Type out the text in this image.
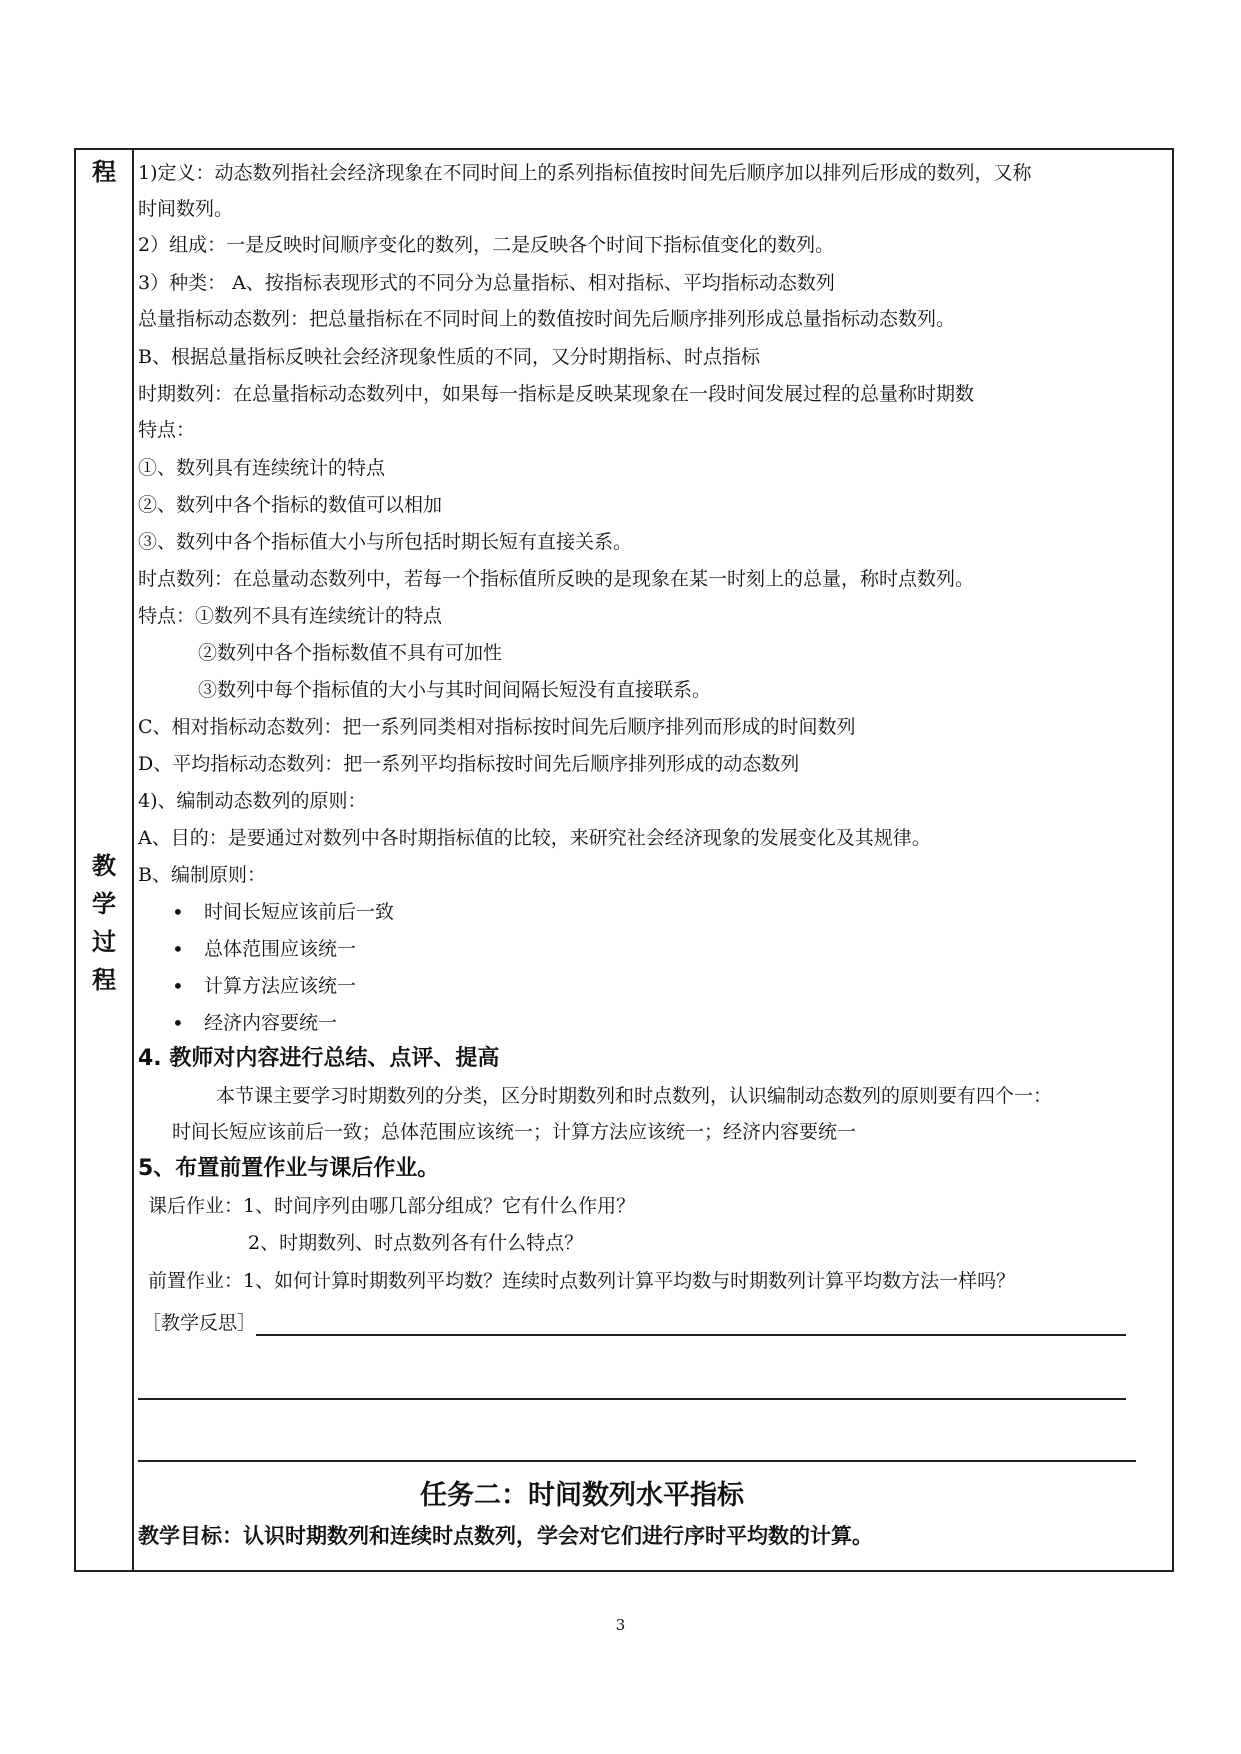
程
教
学
过
程
1)定义：动态数列指社会经济现象在不同时间上的系列指标值按时间先后顺序加以排列后形成的数列，又称
时间数列。
2）组成：一是反映时间顺序变化的数列，二是反映各个时间下指标值变化的数列。
3）种类： A、按指标表现形式的不同分为总量指标、相对指标、平均指标动态数列
总量指标动态数列：把总量指标在不同时间上的数值按时间先后顺序排列形成总量指标动态数列。
B、根据总量指标反映社会经济现象性质的不同，又分时期指标、时点指标
时期数列：在总量指标动态数列中，如果每一指标是反映某现象在一段时间发展过程的总量称时期数
特点：
①、数列具有连续统计的特点
②、数列中各个指标的数值可以相加
③、数列中各个指标值大小与所包括时期长短有直接关系。
时点数列：在总量动态数列中，若每一个指标值所反映的是现象在某一时刻上的总量，称时点数列。
特点：①数列不具有连续统计的特点
②数列中各个指标数值不具有可加性
③数列中每个指标值的大小与其时间间隔长短没有直接联系。
C、相对指标动态数列：把一系列同类相对指标按时间先后顺序排列而形成的时间数列
D、平均指标动态数列：把一系列平均指标按时间先后顺序排列形成的动态数列
4)、编制动态数列的原则：
A、目的：是要通过对数列中各时期指标值的比较，来研究社会经济现象的发展变化及其规律。
B、编制原则：
• 时间长短应该前后一致
• 总体范围应该统一
• 计算方法应该统一
• 经济内容要统一
4. 教师对内容进行总结、点评、提高
本节课主要学习时期数列的分类，区分时期数列和时点数列，认识编制动态数列的原则要有四个一：
时间长短应该前后一致；总体范围应该统一；计算方法应该统一；经济内容要统一
5、布置前置作业与课后作业。
课后作业：1、时间序列由哪几部分组成？它有什么作用？
2、时期数列、时点数列各有什么特点？
前置作业：1、如何计算时期数列平均数？连续时点数列计算平均数与时期数列计算平均数方法一样吗？
［教学反思］
任务二：时间数列水平指标
教学目标：认识时期数列和连续时点数列，学会对它们进行序时平均数的计算。
3
